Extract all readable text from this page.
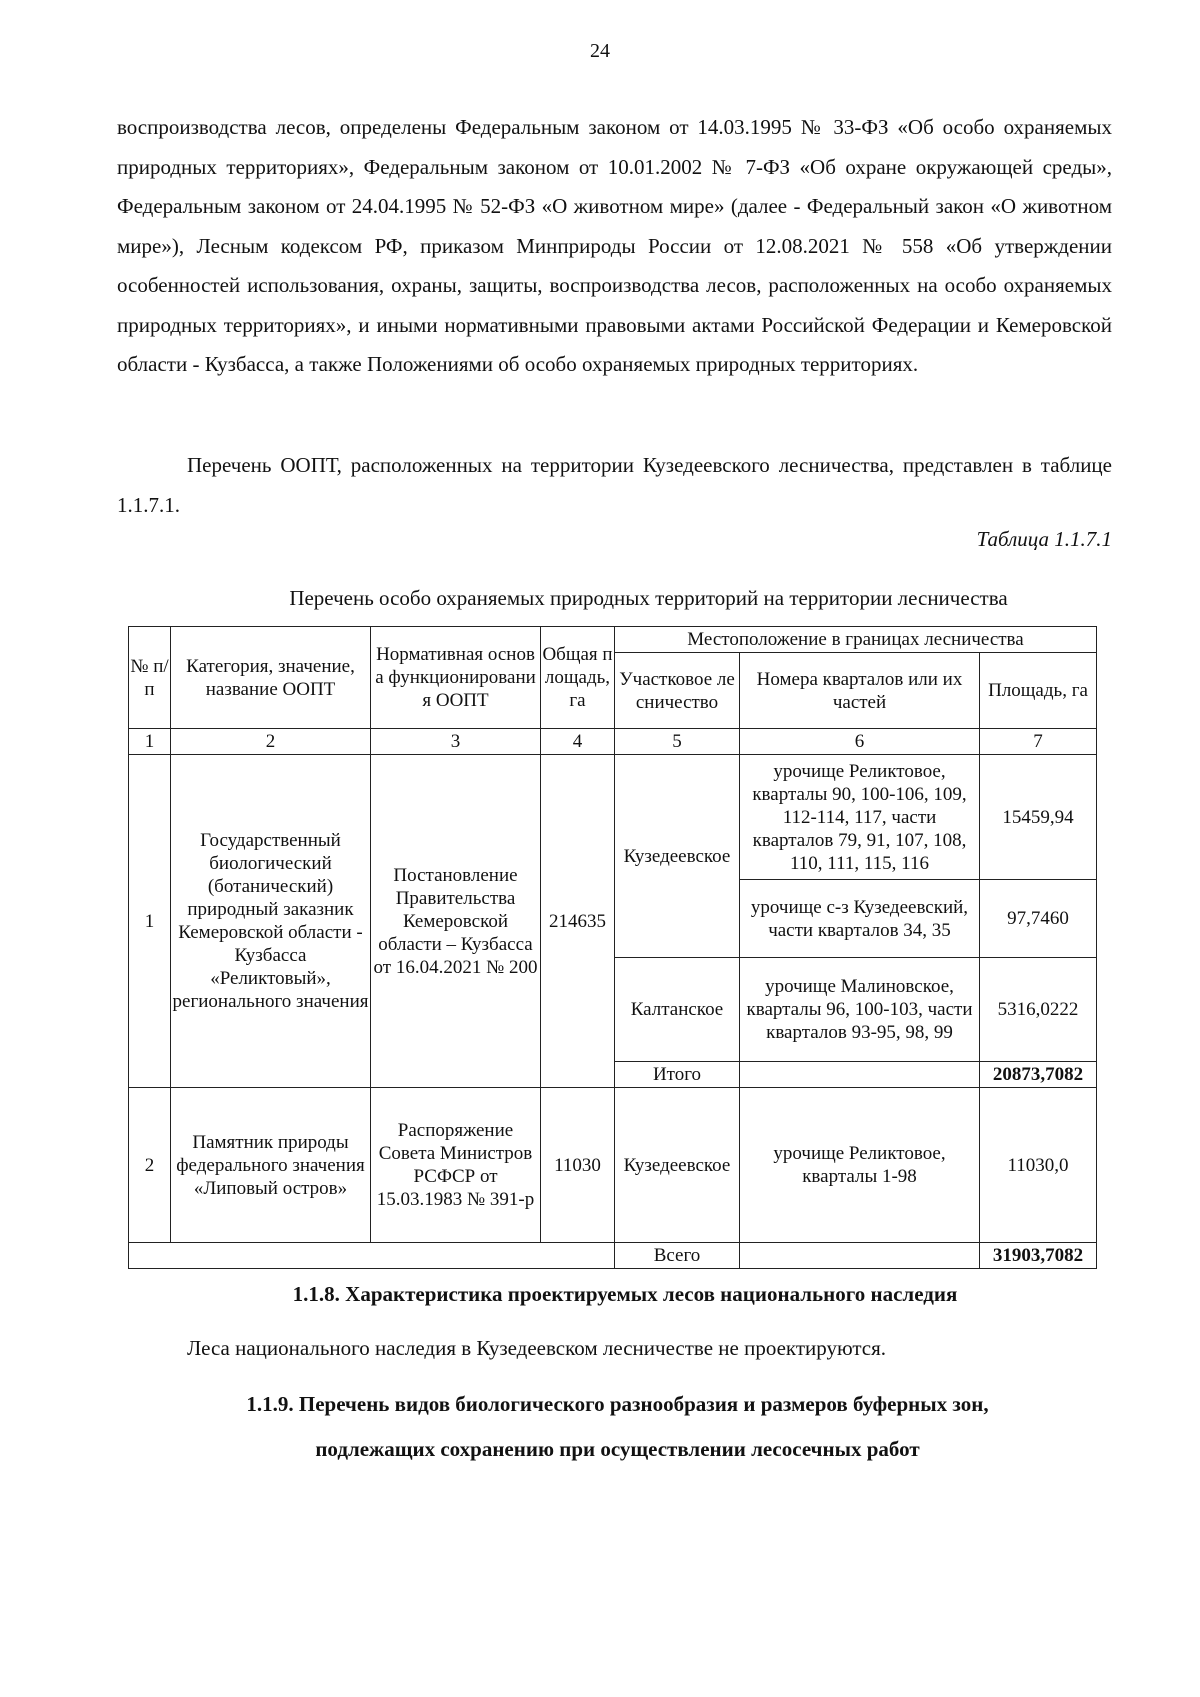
24
воспроизводства лесов, определены Федеральным законом от 14.03.1995 № 33-ФЗ «Об особо охраняемых природных территориях», Федеральным законом от 10.01.2002 № 7-ФЗ «Об охране окружающей среды», Федеральным законом от 24.04.1995 № 52-ФЗ «О животном мире» (далее - Федеральный закон «О животном мире»), Лесным кодексом РФ, приказом Минприроды России от 12.08.2021 № 558 «Об утверждении особенностей использования, охраны, защиты, воспроизводства лесов, расположенных на особо охраняемых природных территориях», и иными нормативными правовыми актами Российской Федерации и Кемеровской области - Кузбасса, а также Положениями об особо охраняемых природных территориях.
Перечень ООПТ, расположенных на территории Кузедеевского лесничества, представлен в таблице 1.1.7.1.
Таблица 1.1.7.1
Перечень особо охраняемых природных территорий на территории лесничества
№ п/п	Категория, значение, название ООПТ	Нормативная основа функционирования ООПТ	Общая площадь, га	Местоположение в границах лесничества		
				Участковое лесничество	Номера кварталов или их частей	Площадь, га
1	2	3	4	5	6	7
1	Государственный биологический (ботанический) природный заказник Кемеровской области - Кузбасса «Реликтовый», регионального значения	Постановление Правительства Кемеровской области – Кузбасса от 16.04.2021 № 200	214635	Кузедеевское	урочище Реликтовое, кварталы 90, 100-106, 109, 112-114, 117, части кварталов 79, 91, 107, 108, 110, 111, 115, 116	15459,94
					урочище с-з Кузедеевский, части кварталов 34, 35	97,7460
				Калтанское	урочище Малиновское, кварталы 96, 100-103, части кварталов 93-95, 98, 99	5316,0222
				Итого		20873,7082
2	Памятник природы федерального значения «Липовый остров»	Распоряжение Совета Министров РСФСР от 15.03.1983 № 391-р	11030	Кузедеевское	урочище Реликтовое, кварталы 1-98	11030,0
				Всего		31903,7082
1.1.8. Характеристика проектируемых лесов национального наследия
Леса национального наследия в Кузедеевском лесничестве не проектируются.
1.1.9. Перечень видов биологического разнообразия и размеров буферных зон,
подлежащих сохранению при осуществлении лесосечных работ
